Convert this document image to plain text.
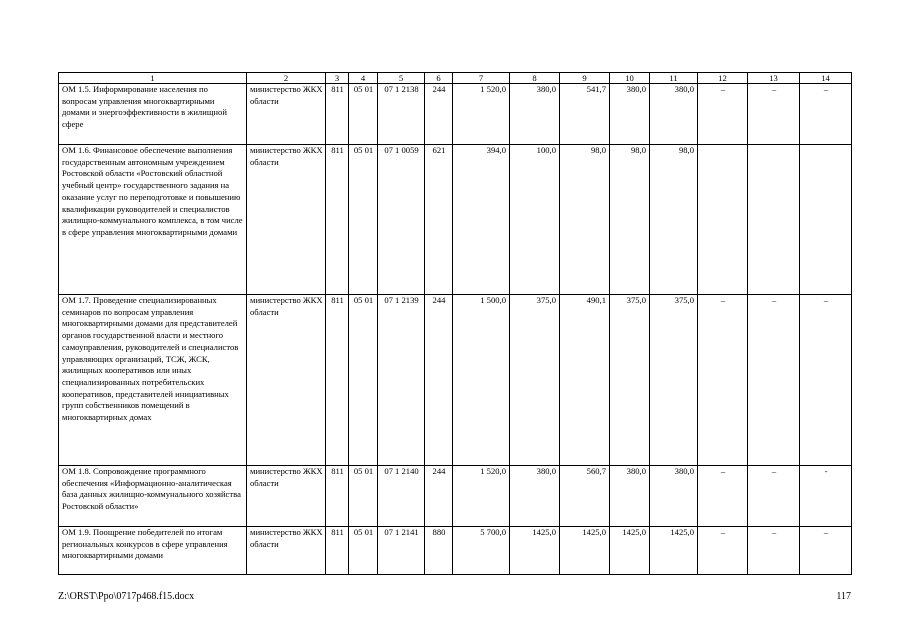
1	2	3	4	5	6	7	8	9	10	11	12	13	14
ОМ 1.5. Информирование населения по вопросам управления многоквартирными домами и энергоэффективности в жилищной сфере	министерство ЖКХ области	811	05 01	07 1 2138	244	1 520,0	380,0	541,7	380,0	380,0	–	–	–
ОМ 1.6. Финансовое обеспечение выполнения государственным автономным учреждением Ростовской области «Ростовский областной учебный центр» государственного задания на оказание услуг по переподготовке и повышению квалификации руководителей и специалистов жилищно-коммунального комплекса, в том числе в сфере управления многоквартирными домами	министерство ЖКХ области	811	05 01	07 1 0059	621	394,0	100,0	98,0	98,0	98,0			
ОМ 1.7. Проведение специализированных семинаров по вопросам управления многоквартирными домами для представителей органов государственной власти и местного самоуправления, руководителей и специалистов управляющих организаций, ТСЖ, ЖСК, жилищных кооперативов или иных специализированных потребительских кооперативов, представителей инициативных групп собственников помещений в многоквартирных домах	министерство ЖКХ области	811	05 01	07 1 2139	244	1 500,0	375,0	490,1	375,0	375,0	–	–	–
ОМ 1.8. Сопровождение программного обеспечения «Информационно-аналитическая база данных жилищно-коммунального хозяйства Ростовской области»	министерство ЖКХ области	811	05 01	07 1 2140	244	1 520,0	380,0	560,7	380,0	380,0	–	–	-
ОМ 1.9. Поощрение победителей по итогам региональных конкурсов в сфере управления многоквартирными домами	министерство ЖКХ области	811	05 01	07 1 2141	880	5 700,0	1425,0	1425,0	1425,0	1425,0	–	–	–
Z:\ORST\Ppo\0717p468.f15.docx	117
